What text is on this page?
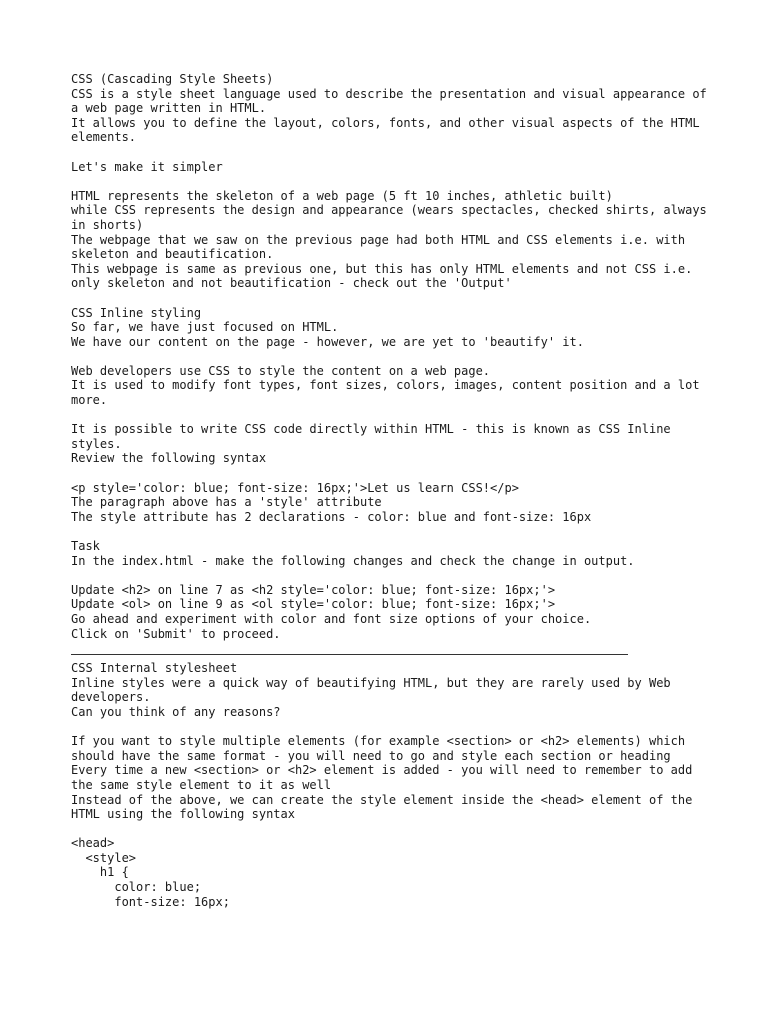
CSS (Cascading Style Sheets)
CSS is a style sheet language used to describe the presentation and visual appearance of a web page written in HTML.
It allows you to define the layout, colors, fonts, and other visual aspects of the HTML elements.
Let's make it simpler
HTML represents the skeleton of a web page (5 ft 10 inches, athletic built)
while CSS represents the design and appearance (wears spectacles, checked shirts, always in shorts)
The webpage that we saw on the previous page had both HTML and CSS elements i.e. with skeleton and beautification.
This webpage is same as previous one, but this has only HTML elements and not CSS i.e. only skeleton and not beautification - check out the 'Output'
CSS Inline styling
So far, we have just focused on HTML.
We have our content on the page - however, we are yet to 'beautify' it.
Web developers use CSS to style the content on a web page.
It is used to modify font types, font sizes, colors, images, content position and a lot more.
It is possible to write CSS code directly within HTML - this is known as CSS Inline styles.
Review the following syntax
<p style='color: blue; font-size: 16px;'>Let us learn CSS!</p>
The paragraph above has a 'style' attribute
The style attribute has 2 declarations - color: blue and font-size: 16px
Task
In the index.html - make the following changes and check the change in output.
Update <h2> on line 7 as <h2 style='color: blue; font-size: 16px;'>
Update <ol> on line 9 as <ol style='color: blue; font-size: 16px;'>
Go ahead and experiment with color and font size options of your choice.
Click on 'Submit' to proceed.
CSS Internal stylesheet
Inline styles were a quick way of beautifying HTML, but they are rarely used by Web developers.
Can you think of any reasons?
If you want to style multiple elements (for example <section> or <h2> elements) which should have the same format - you will need to go and style each section or heading
Every time a new <section> or <h2> element is added - you will need to remember to add the same style element to it as well
Instead of the above, we can create the style element inside the <head> element of the HTML using the following syntax
<head>
<style>
h1 {
color: blue;
font-size: 16px;
